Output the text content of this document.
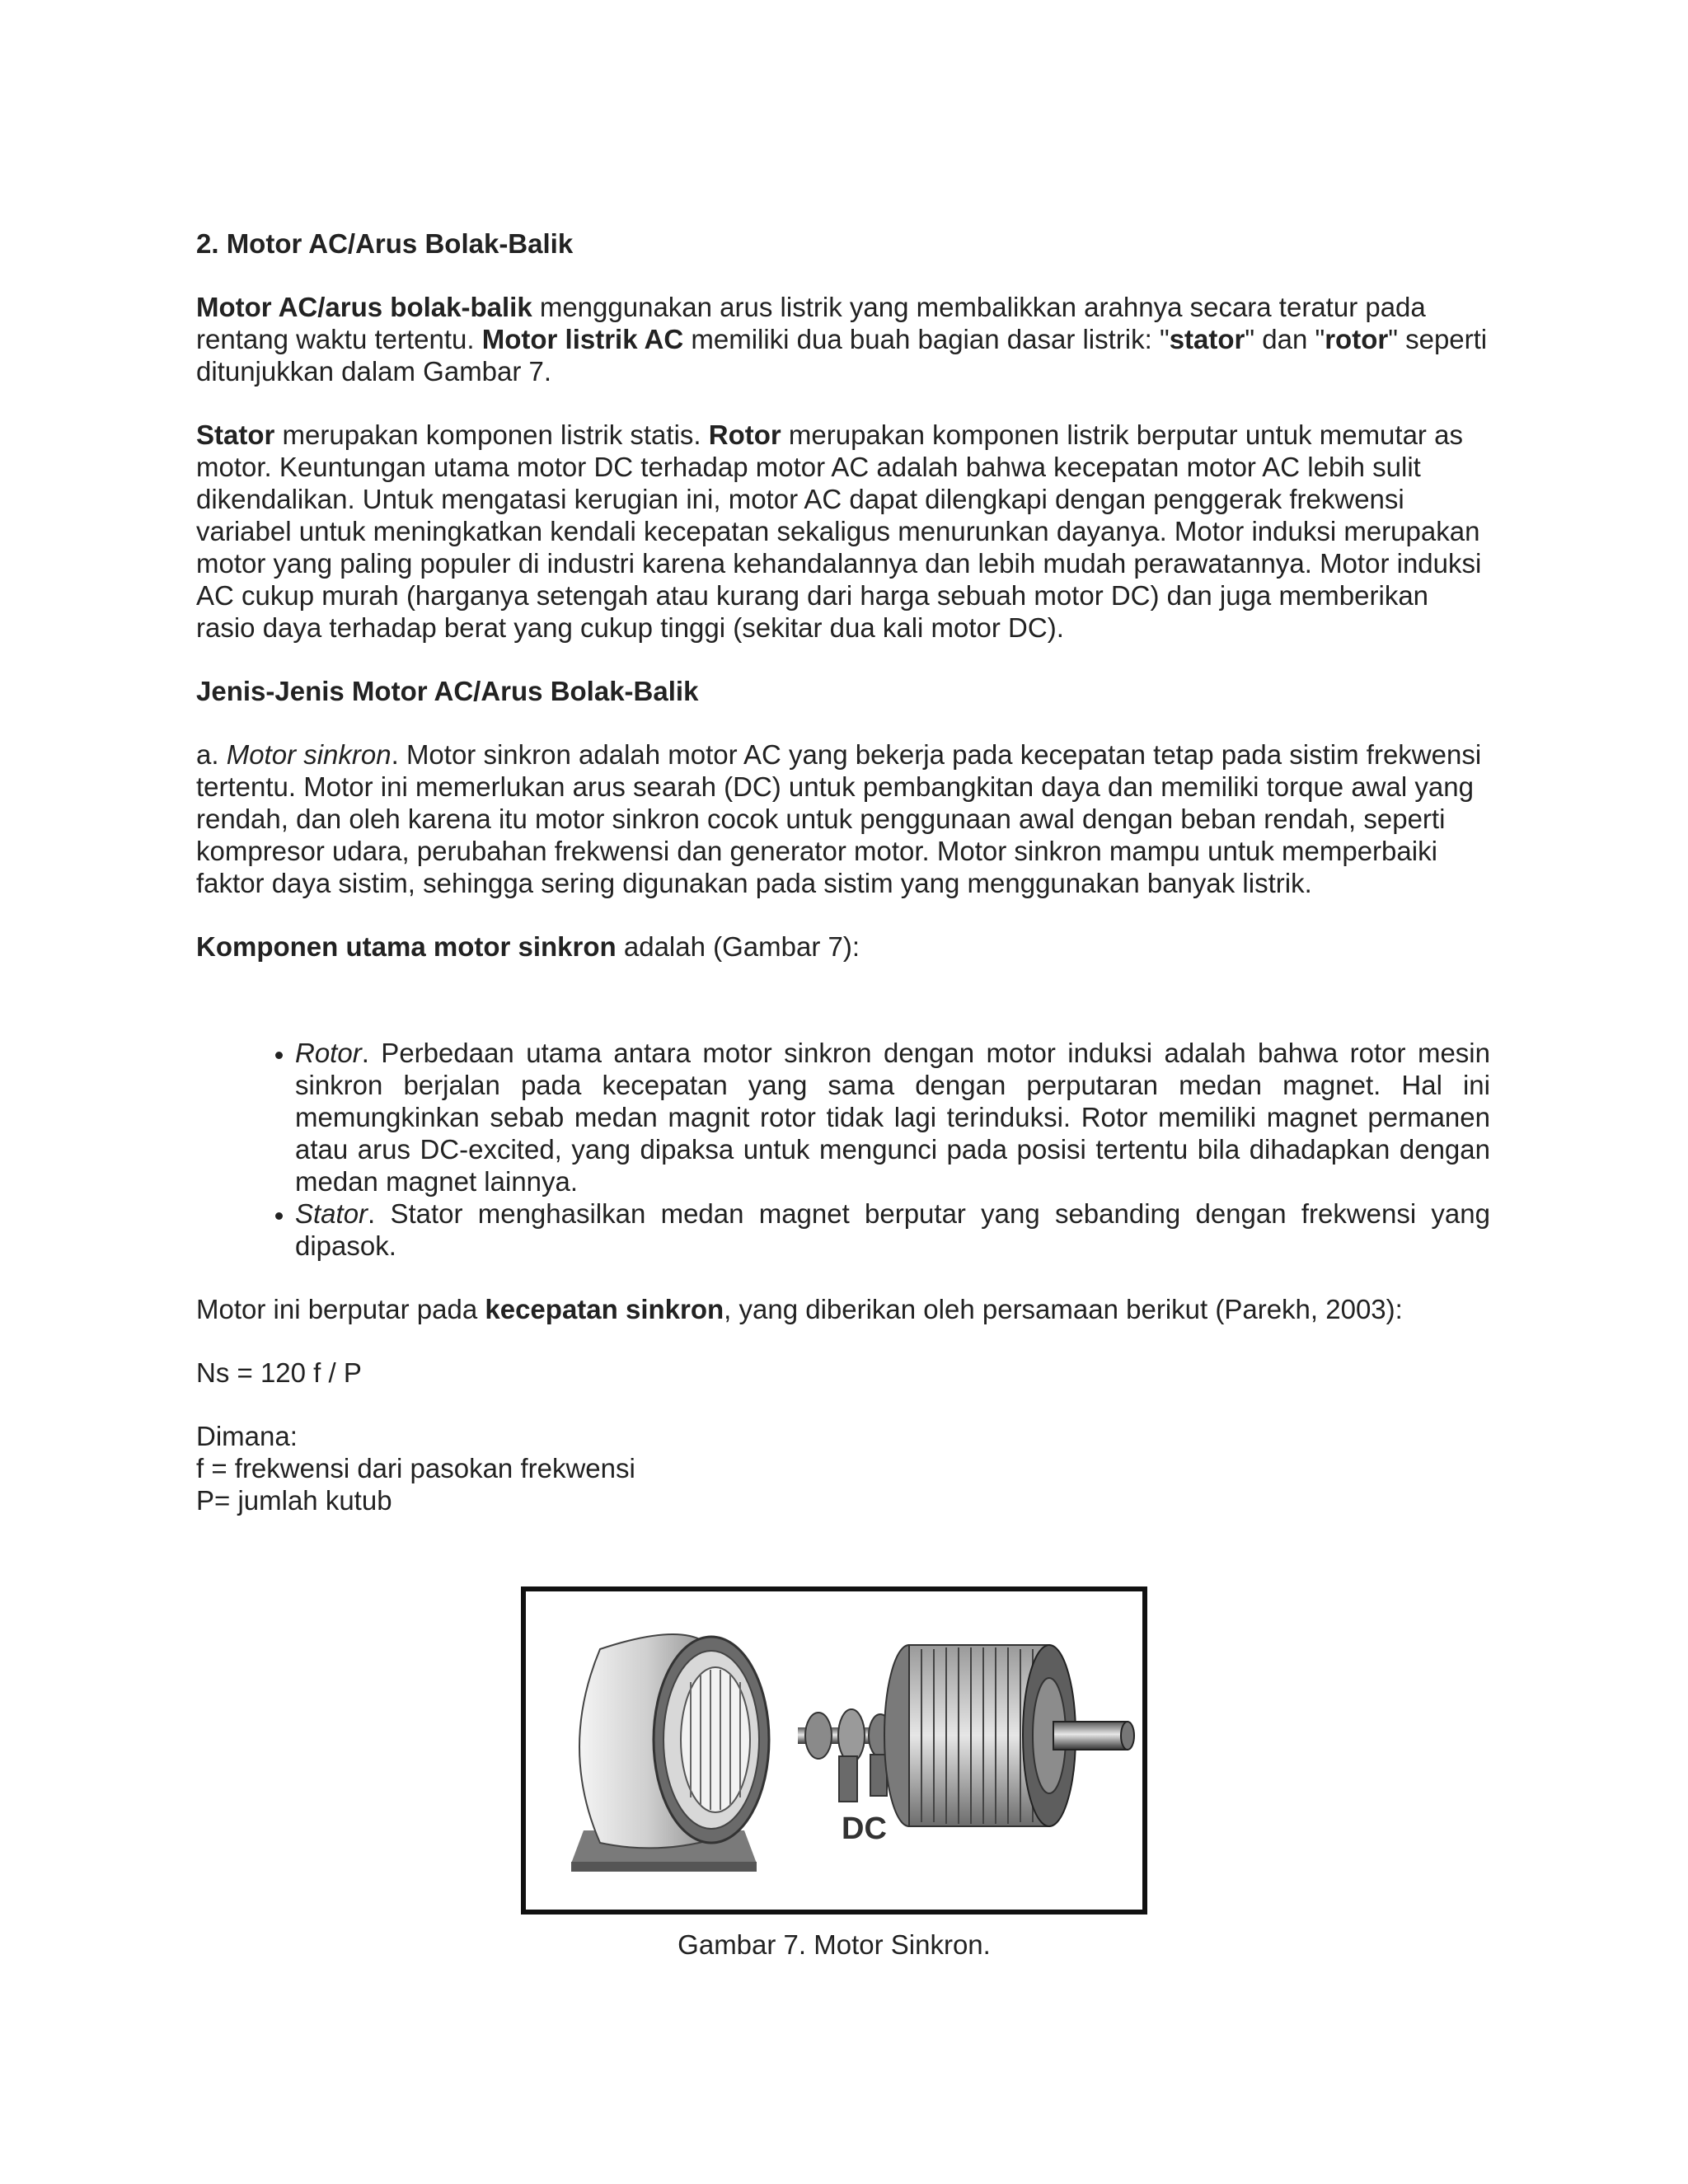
2. Motor AC/Arus Bolak-Balik

Motor AC/arus bolak-balik menggunakan arus listrik yang membalikkan arahnya secara teratur pada rentang waktu tertentu. Motor listrik AC memiliki dua buah bagian dasar listrik: "stator" dan "rotor" seperti ditunjukkan dalam Gambar 7.

Stator merupakan komponen listrik statis. Rotor merupakan komponen listrik berputar untuk memutar as motor. Keuntungan utama motor DC terhadap motor AC adalah bahwa kecepatan motor AC lebih sulit dikendalikan. Untuk mengatasi kerugian ini, motor AC dapat dilengkapi dengan penggerak frekwensi variabel untuk meningkatkan kendali kecepatan sekaligus menurunkan dayanya. Motor induksi merupakan motor yang paling populer di industri karena kehandalannya dan lebih mudah perawatannya. Motor induksi AC cukup murah (harganya setengah atau kurang dari harga sebuah motor DC) dan juga memberikan rasio daya terhadap berat yang cukup tinggi (sekitar dua kali motor DC).

Jenis-Jenis Motor AC/Arus Bolak-Balik

a. Motor sinkron. Motor sinkron adalah motor AC yang bekerja pada kecepatan tetap pada sistim frekwensi tertentu. Motor ini memerlukan arus searah (DC) untuk pembangkitan daya dan memiliki torque awal yang rendah, dan oleh karena itu motor sinkron cocok untuk penggunaan awal dengan beban rendah, seperti kompresor udara, perubahan frekwensi dan generator motor. Motor sinkron mampu untuk memperbaiki faktor daya sistim, sehingga sering digunakan pada sistim yang menggunakan banyak listrik.

Komponen utama motor sinkron adalah (Gambar 7):

• Rotor. Perbedaan utama antara motor sinkron dengan motor induksi adalah bahwa rotor mesin sinkron berjalan pada kecepatan yang sama dengan perputaran medan magnet. Hal ini memungkinkan sebab medan magnit rotor tidak lagi terinduksi. Rotor memiliki magnet permanen atau arus DC-excited, yang dipaksa untuk mengunci pada posisi tertentu bila dihadapkan dengan medan magnet lainnya.
• Stator. Stator menghasilkan medan magnet berputar yang sebanding dengan frekwensi yang dipasok.

Motor ini berputar pada kecepatan sinkron, yang diberikan oleh persamaan berikut (Parekh, 2003):

Ns = 120 f / P

Dimana:

f = frekwensi dari pasokan frekwensi

P= jumlah kutub

DC
Gambar 7. Motor Sinkron.
